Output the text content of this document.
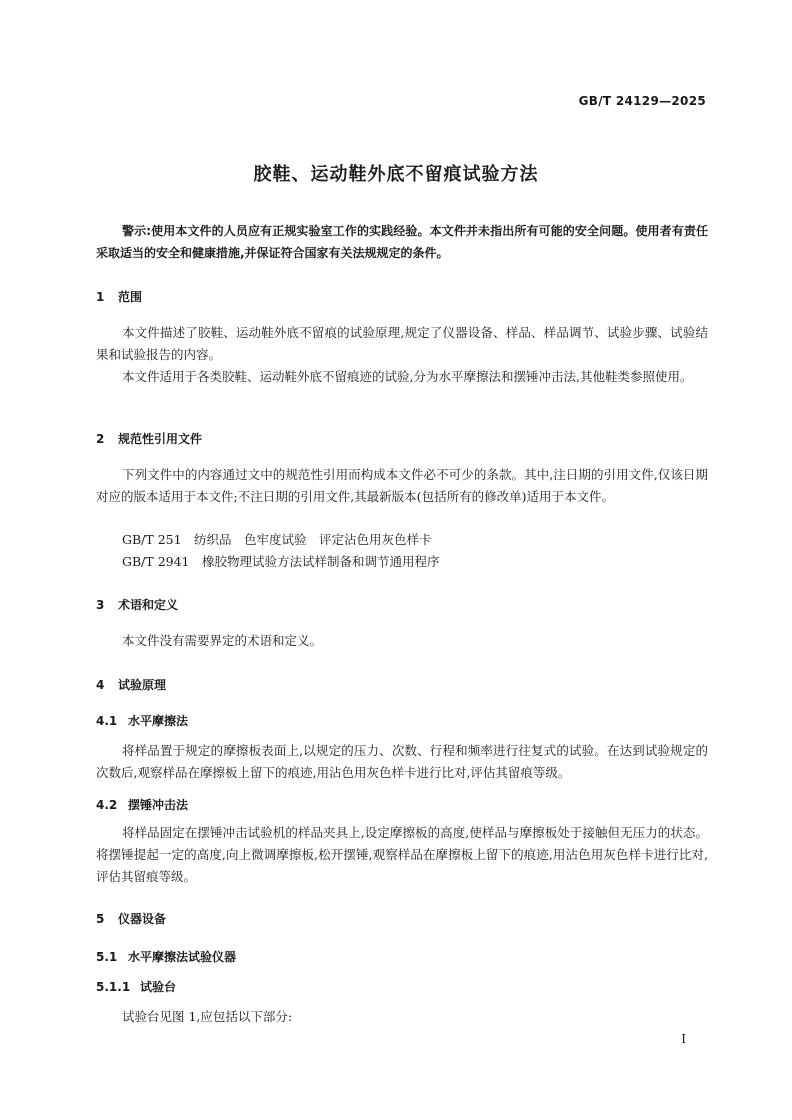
GB/T 24129—2025
胶鞋、运动鞋外底不留痕试验方法
警示:使用本文件的人员应有正规实验室工作的实践经验。本文件并未指出所有可能的安全问题。使用者有责任采取适当的安全和健康措施,并保证符合国家有关法规规定的条件。
1 范围
本文件描述了胶鞋、运动鞋外底不留痕的试验原理,规定了仪器设备、样品、样品调节、试验步骤、试验结果和试验报告的内容。
本文件适用于各类胶鞋、运动鞋外底不留痕迹的试验,分为水平摩擦法和摆锤冲击法,其他鞋类参照使用。
2 规范性引用文件
下列文件中的内容通过文中的规范性引用而构成本文件必不可少的条款。其中,注日期的引用文件,仅该日期对应的版本适用于本文件;不注日期的引用文件,其最新版本(包括所有的修改单)适用于本文件。
GB/T 251　纺织品　色牢度试验　评定沾色用灰色样卡
GB/T 2941　橡胶物理试验方法试样制备和调节通用程序
3 术语和定义
本文件没有需要界定的术语和定义。
4 试验原理
4.1 水平摩擦法
将样品置于规定的摩擦板表面上,以规定的压力、次数、行程和频率进行往复式的试验。在达到试验规定的次数后,观察样品在摩擦板上留下的痕迹,用沾色用灰色样卡进行比对,评估其留痕等级。
4.2 摆锤冲击法
将样品固定在摆锤冲击试验机的样品夹具上,设定摩擦板的高度,使样品与摩擦板处于接触但无压力的状态。将摆锤提起一定的高度,向上微调摩擦板,松开摆锤,观察样品在摩擦板上留下的痕迹,用沾色用灰色样卡进行比对,评估其留痕等级。
5 仪器设备
5.1 水平摩擦法试验仪器
5.1.1 试验台
试验台见图 1,应包括以下部分:
I
